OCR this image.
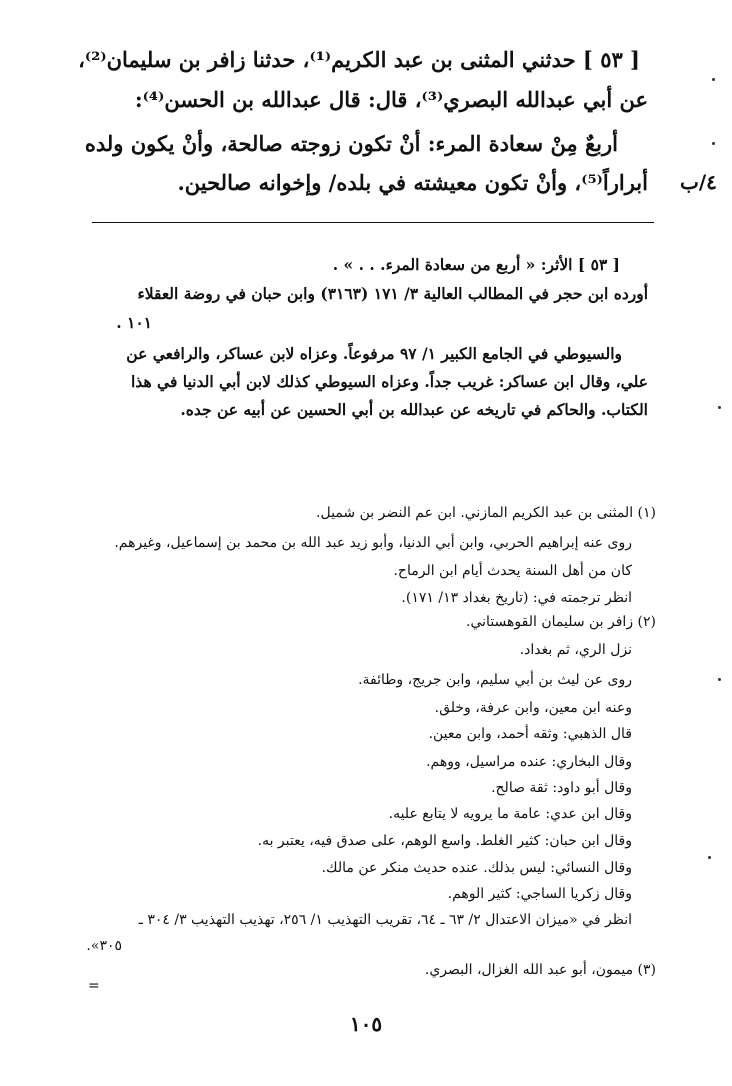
[ ٥٣ ] حدثني المثنى بن عبد الكريم⁽¹⁾، حدثنا زافر بن سليمان⁽²⁾،
عن أبي عبدالله البصري⁽³⁾، قال: قال عبدالله بن الحسن⁽⁴⁾:
أربعٌ مِنْ سعادة المرء: أنْ تكون زوجته صالحة، وأنْ يكون ولده
أبراراً⁽⁵⁾، وأنْ تكون معيشته في بلده/ وإخوانه صالحين. ٤/ب
[ ٥٣ ] الأثر: « أربع من سعادة المرء. . . » .
أورده ابن حجر في المطالب العالية ٣/ ١٧١ (٣١٦٣) وابن حبان في روضة العقلاء
١٠١ .
والسيوطي في الجامع الكبير ١/ ٩٧ مرفوعاً. وعزاه لابن عساكر، والرافعي عن
علي، وقال ابن عساكر: غريب جداً. وعزاه السيوطي كذلك لابن أبي الدنيا في هذا
الكتاب. والحاكم في تاريخه عن عبدالله بن أبي الحسين عن أبيه عن جده.
(١) المثنى بن عبد الكريم المازني. ابن عم النضر بن شميل.
روى عنه إبراهيم الحربي، وابن أبي الدنيا، وأبو زيد عبد الله بن محمد بن إسماعيل، وغيرهم.
كان من أهل السنة يحدث أيام ابن الرماح.
انظر ترجمته في: (تاريخ بغداد ١٣/ ١٧١).
(٢) زافر بن سليمان القوهستاني.
نزل الري، ثم بغداد.
روى عن ليث بن أبي سليم، وابن جريج، وطائفة.
وعنه ابن معين، وابن عرفة، وخلق.
قال الذهبي: وثقه أحمد، وابن معين.
وقال البخاري: عنده مراسيل، ووهم.
وقال أبو داود: ثقة صالح.
وقال ابن عدي: عامة ما يرويه لا يتابع عليه.
وقال ابن حبان: كثير الغلط. واسع الوهم، على صدق فيه، يعتبر به.
وقال النسائي: ليس بذلك. عنده حديث منكر عن مالك.
وقال زكريا الساجي: كثير الوهم.
انظر في «ميزان الاعتدال ٢/ ٦٣ ـ ٦٤، تقريب التهذيب ١/ ٢٥٦، تهذيب التهذيب ٣/ ٣٠٤ ـ
٣٠٥».
(٣) ميمون، أبو عبد الله الغزال، البصري.
=
١٠٥
